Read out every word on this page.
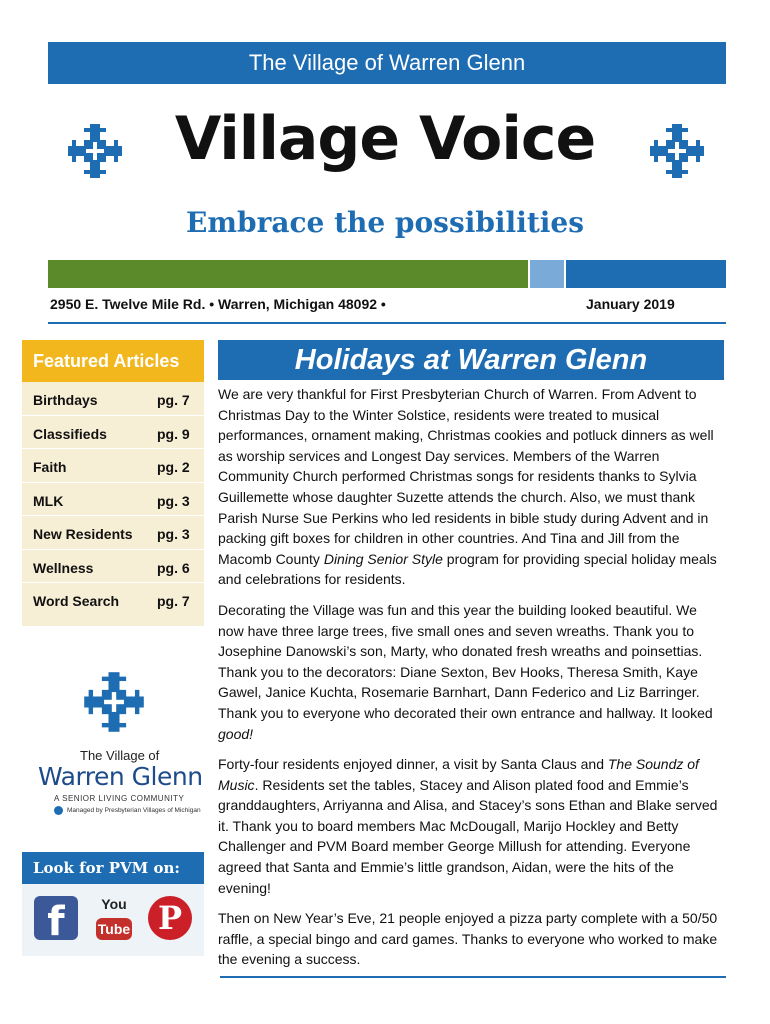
The Village of Warren Glenn
Village Voice
Embrace the possibilities
2950 E. Twelve Mile Rd. • Warren, Michigan 48092 •	January 2019
Featured Articles
Birthdays	pg. 7
Classifieds	pg. 9
Faith	pg. 2
MLK	pg. 3
New Residents pg. 3
Wellness	pg. 6
Word Search	pg. 7
The Village of
Warren Glenn
A SENIOR LIVING COMMUNITY
Managed by Presbyterian Villages of Michigan
Look for PVM on:
f	You
Tube P
Holidays at Warren Glenn

We are very thankful for First Presbyterian Church of Warren. From Advent to Christmas Day to the Winter Solstice, residents were treated to musical performances, ornament making, Christmas cookies and potluck dinners as well as worship services and Longest Day services. Members of the Warren Community Church performed Christmas songs for residents thanks to Sylvia Guillemette whose daughter Suzette attends the church. Also, we must thank Parish Nurse Sue Perkins who led residents in bible study during Advent and in packing gift boxes for children in other countries. And Tina and Jill from the Macomb County Dining Senior Style program for providing special holiday meals and celebrations for residents.

Decorating the Village was fun and this year the building looked beautiful. We now have three large trees, five small ones and seven wreaths. Thank you to Josephine Danowski’s son, Marty, who donated fresh wreaths and poinsettias. Thank you to the decorators: Diane Sexton, Bev Hooks, Theresa Smith, Kaye Gawel, Janice Kuchta, Rosemarie Barnhart, Dann Federico and Liz Barringer. Thank you to everyone who decorated their own entrance and hallway. It looked good!

Forty-four residents enjoyed dinner, a visit by Santa Claus and The Soundz of Music. Residents set the tables, Stacey and Alison plated food and Emmie’s granddaughters, Arriyanna and Alisa, and Stacey’s sons Ethan and Blake served it. Thank you to board members Mac McDougall, Marijo Hockley and Betty Challenger and PVM Board member George Millush for attending. Everyone agreed that Santa and Emmie’s little grandson, Aidan, were the hits of the evening!

Then on New Year’s Eve, 21 people enjoyed a pizza party complete with a 50/50 raffle, a special bingo and card games. Thanks to everyone who worked to make the evening a success.
